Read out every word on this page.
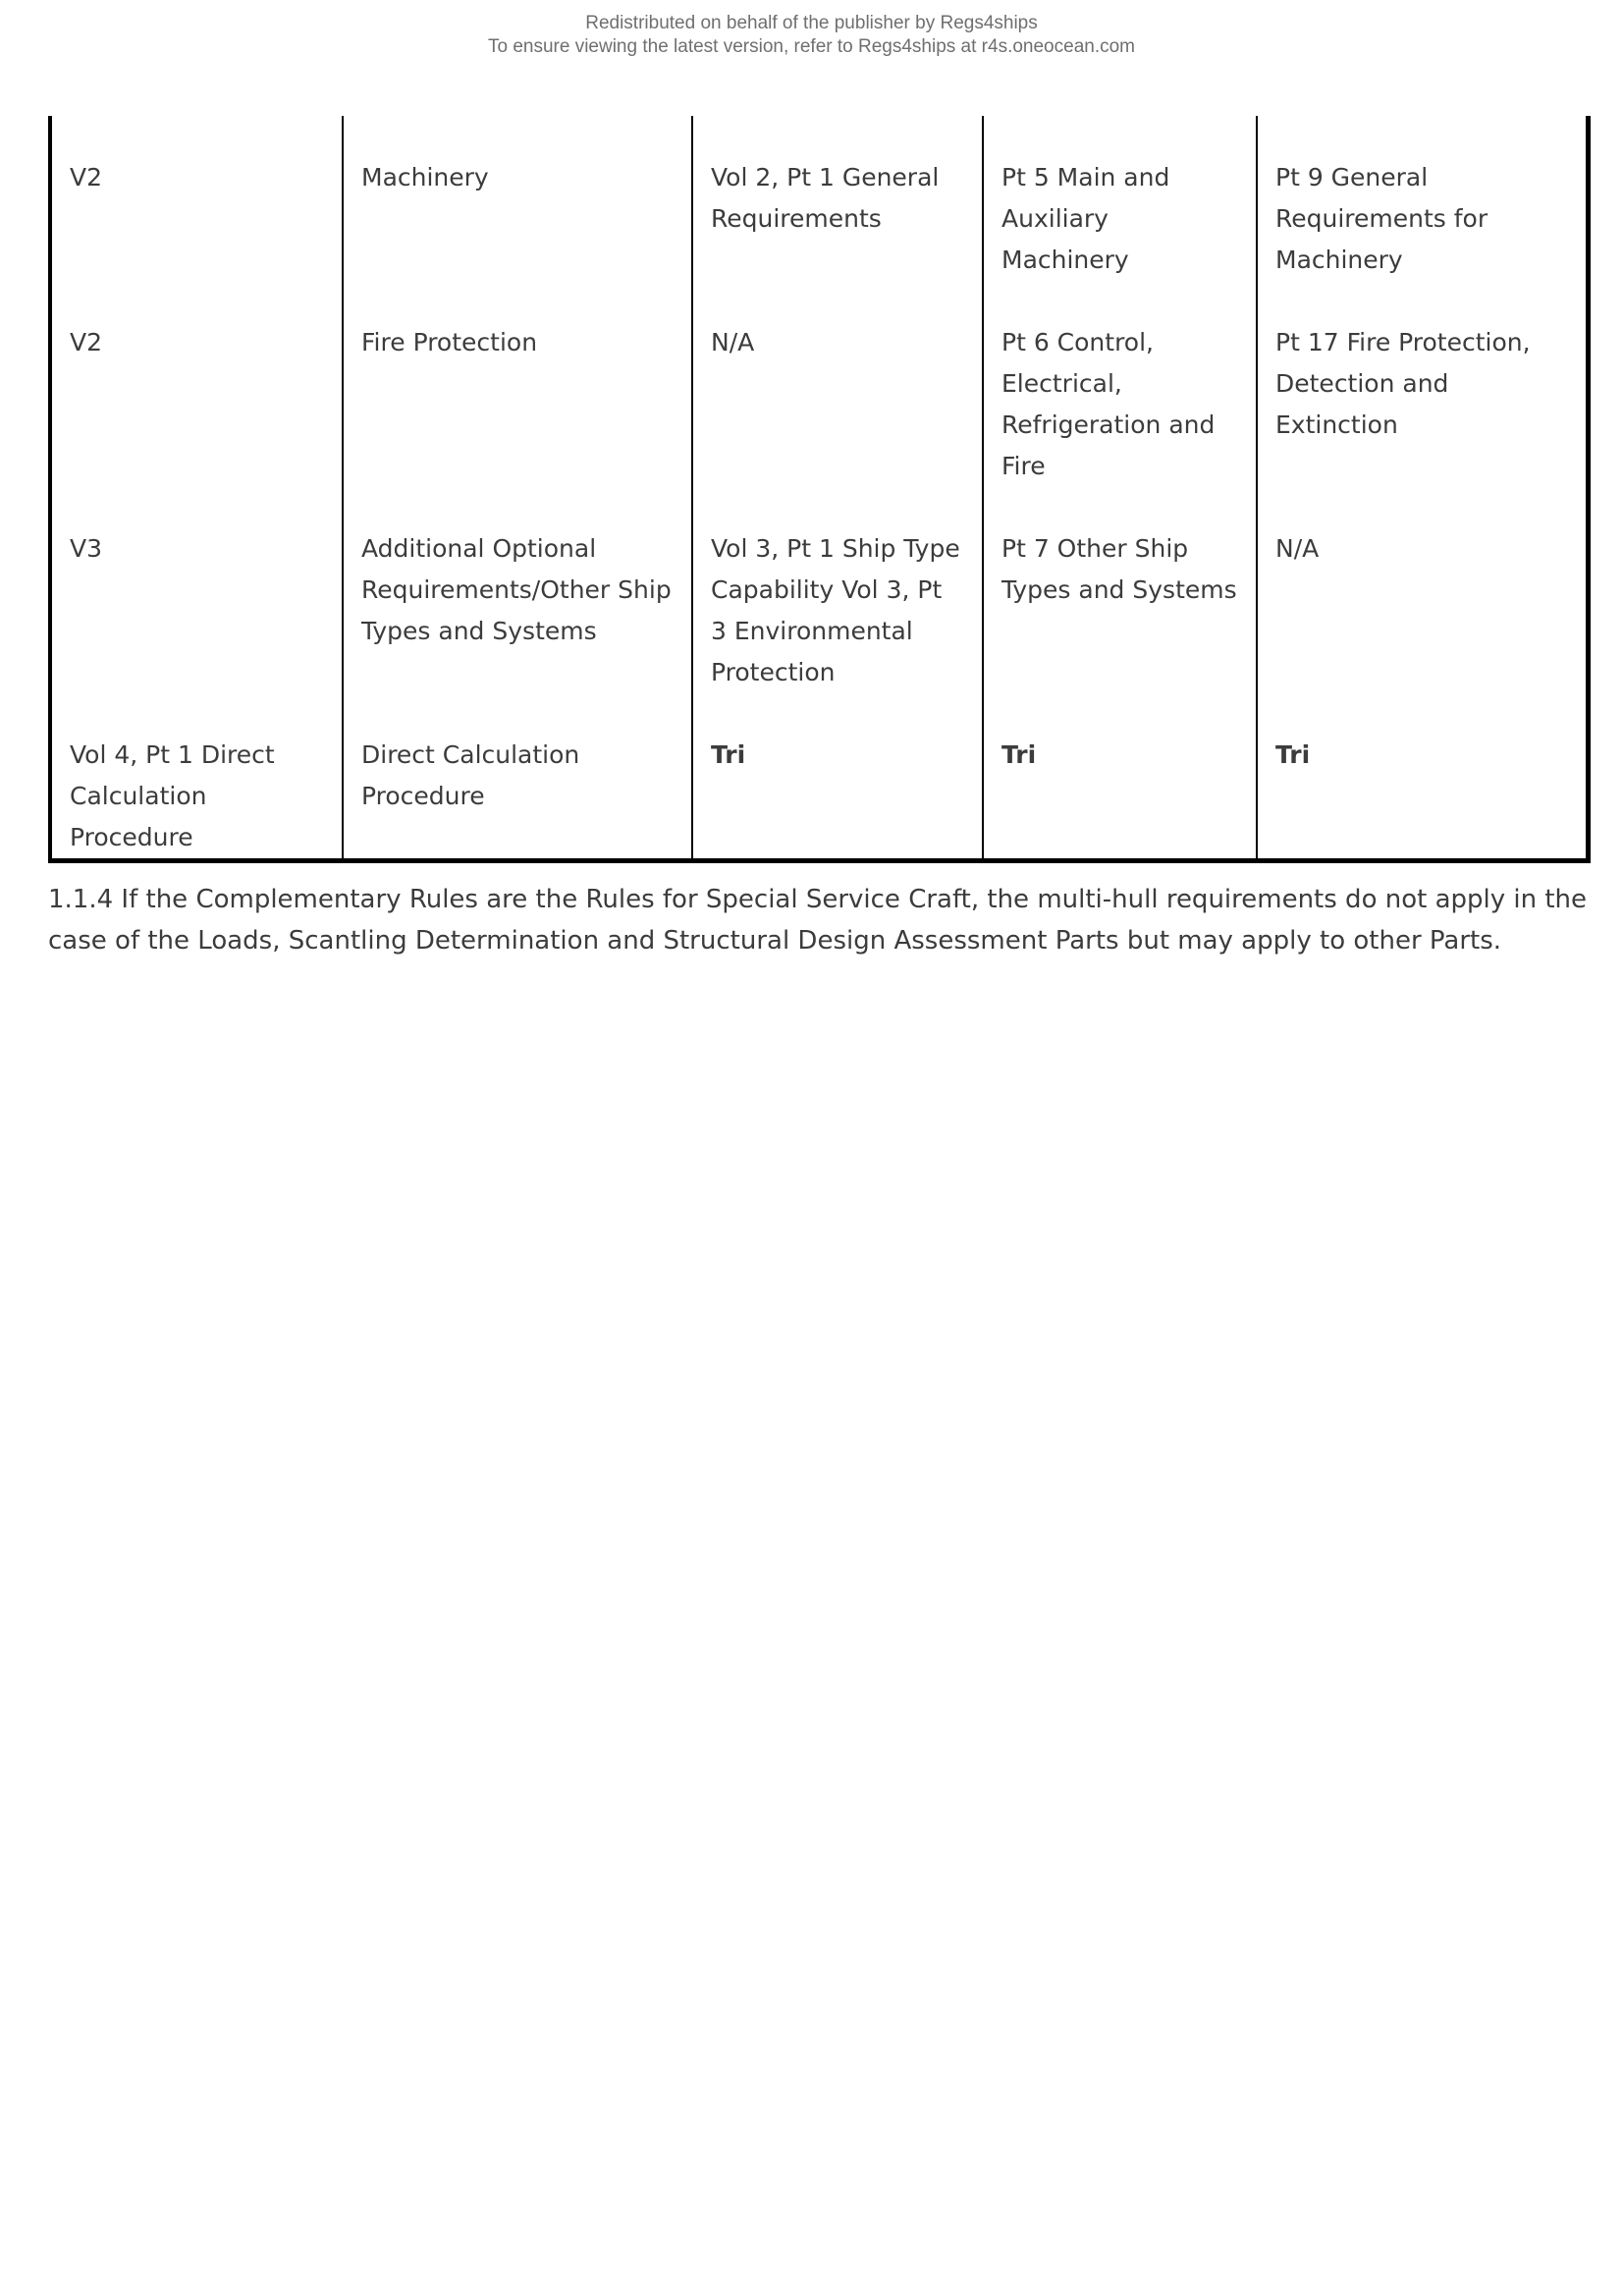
Redistributed on behalf of the publisher by Regs4ships
To ensure viewing the latest version, refer to Regs4ships at r4s.oneocean.com
V2	Machinery	Vol 2, Pt 1 General Requirements	Pt 5 Main and Auxiliary Machinery	Pt 9 General Requirements for Machinery
V2	Fire Protection	N/A	Pt 6 Control, Electrical, Refrigeration and Fire	Pt 17 Fire Protection, Detection and Extinction
V3	Additional Optional Requirements/Other Ship Types and Systems	Vol 3, Pt 1 Ship Type Capability Vol 3, Pt 3 Environmental Protection	Pt 7 Other Ship Types and Systems	N/A
Vol 4, Pt 1 Direct Calculation Procedure	Direct Calculation Procedure	Tri	Tri	Tri
1.1.4 If the Complementary Rules are the Rules for Special Service Craft, the multi-hull requirements do not apply in the case of the Loads, Scantling Determination and Structural Design Assessment Parts but may apply to other Parts.
